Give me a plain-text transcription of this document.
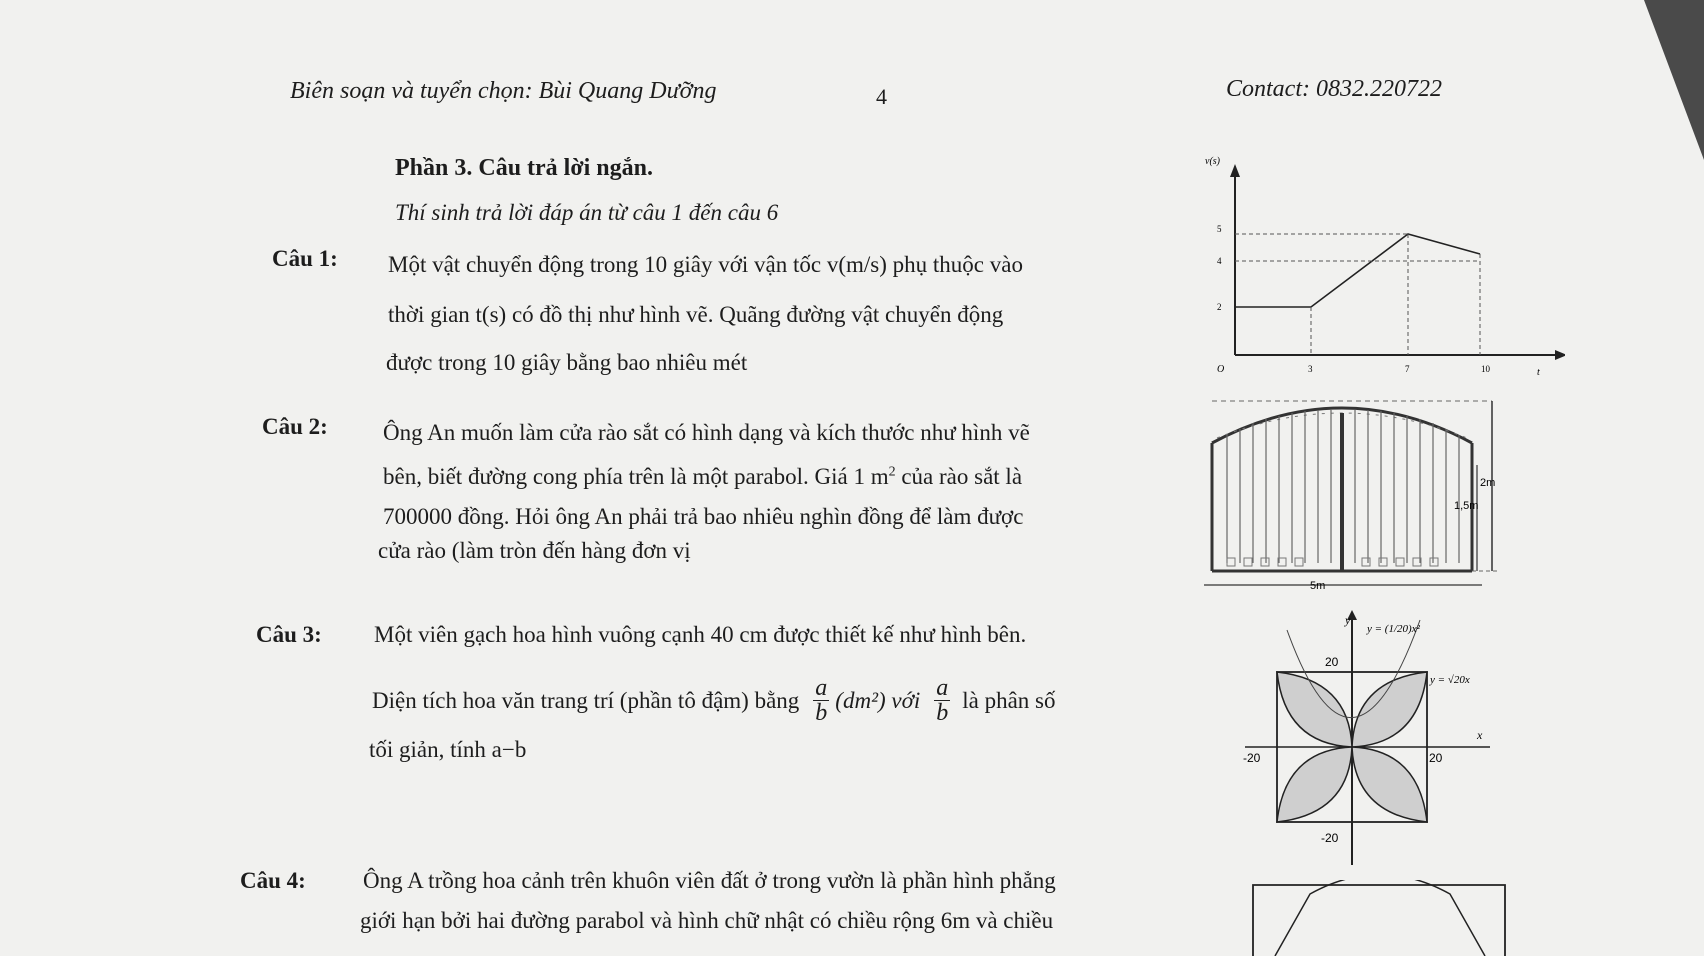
Biên soạn và tuyển chọn: Bùi Quang Dưỡng	4	Contact: 0832.220722
Phần 3. Câu trả lời ngắn.
Thí sinh trả lời đáp án từ câu 1 đến câu 6
Câu 1: Một vật chuyển động trong 10 giây với vận tốc v(m/s) phụ thuộc vào
thời gian t(s) có đồ thị như hình vẽ. Quãng đường vật chuyển động
được trong 10 giây bằng bao nhiêu mét
v(s)
t
O	3	7	10
2
4
5
Câu 2: Ông An muốn làm cửa rào sắt có hình dạng và kích thước như hình vẽ
bên, biết đường cong phía trên là một parabol. Giá 1 $m^2$ của rào sắt là
700000 đồng. Hỏi ông An phải trả bao nhiêu nghìn đồng để làm được
cửa rào (làm tròn đến hàng đơn vị
2m
1,5m
5m
Câu 3: Một viên gạch hoa hình vuông cạnh 40 cm được thiết kế như hình bên.
Diện tích hoa văn trang trí (phần tô đậm) bằng $\frac{a}{b} (dm^2)$ với $\frac{a}{b}$ là phân số
tối giản, tính a−b
y
x
y = (1/20)x²
y = √20x
20
-20
-20	20
Câu 4: Ông A trồng hoa cảnh trên khuôn viên đất ở trong vườn là phần hình phẳng
giới hạn bởi hai đường parabol và hình chữ nhật có chiều rộng 6m và chiều
